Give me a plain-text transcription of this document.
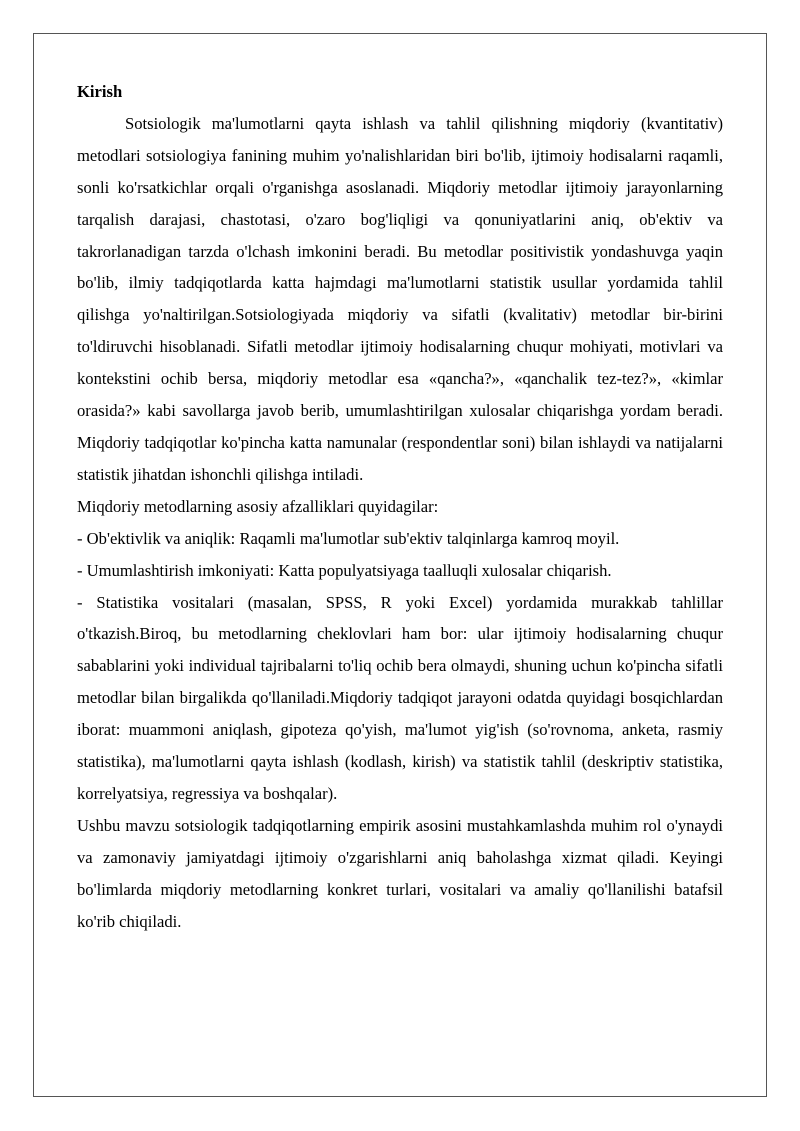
Kirish

Sotsiologik ma'lumotlarni qayta ishlash va tahlil qilishning miqdoriy (kvantitativ) metodlari sotsiologiya fanining muhim yo'nalishlaridan biri bo'lib, ijtimoiy hodisalarni raqamli, sonli ko'rsatkichlar orqali o'rganishga asoslanadi. Miqdoriy metodlar ijtimoiy jarayonlarning tarqalish darajasi, chastotasi, o'zaro bog'liqligi va qonuniyatlarini aniq, ob'ektiv va takrorlanadigan tarzda o'lchash imkonini beradi. Bu metodlar positivistik yondashuvga yaqin bo'lib, ilmiy tadqiqotlarda katta hajmdagi ma'lumotlarni statistik usullar yordamida tahlil qilishga yo'naltirilgan.Sotsiologiyada miqdoriy va sifatli (kvalitativ) metodlar bir-birini to'ldiruvchi hisoblanadi. Sifatli metodlar ijtimoiy hodisalarning chuqur mohiyati, motivlari va kontekstini ochib bersa, miqdoriy metodlar esa «qancha?», «qanchalik tez-tez?», «kimlar orasida?» kabi savollarga javob berib, umumlashtirilgan xulosalar chiqarishga yordam beradi. Miqdoriy tadqiqotlar ko'pincha katta namunalar (respondentlar soni) bilan ishlaydi va natijalarni statistik jihatdan ishonchli qilishga intiladi.

Miqdoriy metodlarning asosiy afzalliklari quyidagilar:

- Ob'ektivlik va aniqlik: Raqamli ma'lumotlar sub'ektiv talqinlarga kamroq moyil.

- Umumlashtirish imkoniyati: Katta populyatsiyaga taalluqli xulosalar chiqarish.

- Statistika vositalari (masalan, SPSS, R yoki Excel) yordamida murakkab tahlillar o'tkazish.Biroq, bu metodlarning cheklovlari ham bor: ular ijtimoiy hodisalarning chuqur sabablarini yoki individual tajribalarni to'liq ochib bera olmaydi, shuning uchun ko'pincha sifatli metodlar bilan birgalikda qo'llaniladi.Miqdoriy tadqiqot jarayoni odatda quyidagi bosqichlardan iborat: muammoni aniqlash, gipoteza qo'yish, ma'lumot yig'ish (so'rovnoma, anketa, rasmiy statistika), ma'lumotlarni qayta ishlash (kodlash, kirish) va statistik tahlil (deskriptiv statistika, korrelyatsiya, regressiya va boshqalar).

Ushbu mavzu sotsiologik tadqiqotlarning empirik asosini mustahkamlashda muhim rol o'ynaydi va zamonaviy jamiyatdagi ijtimoiy o'zgarishlarni aniq baholashga xizmat qiladi. Keyingi bo'limlarda miqdoriy metodlarning konkret turlari, vositalari va amaliy qo'llanilishi batafsil ko'rib chiqiladi.
